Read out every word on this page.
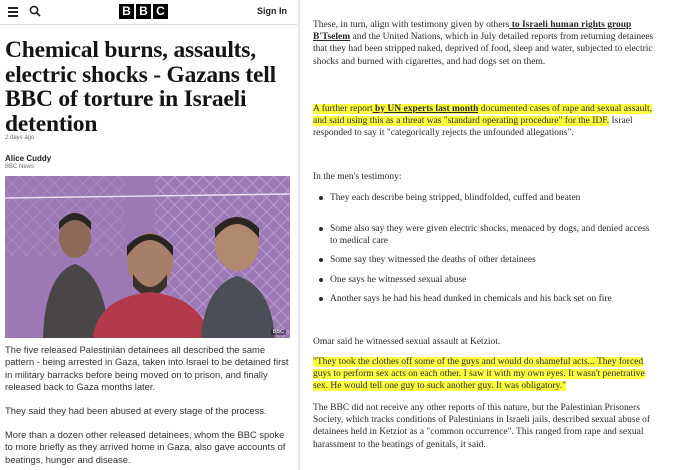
B B C	Sign In
Chemical burns, assaults, electric shocks - Gazans tell BBC of torture in Israeli detention
2 days ago
Alice Cuddy
BBC News
BBC

The five released Palestinian detainees all described the same pattern - being arrested in Gaza, taken into Israel to be detained first in military barracks before being moved on to prison, and finally released back to Gaza months later.

They said they had been abused at every stage of the process.

More than a dozen other released detainees, whom the BBC spoke to more briefly as they arrived home in Gaza, also gave accounts of beatings, hunger and disease.

These, in turn, align with testimony given by others to Israeli human rights group B'Tselem and the United Nations, which in July detailed reports from returning detainees that they had been stripped naked, deprived of food, sleep and water, subjected to electric shocks and burned with cigarettes, and had dogs set on them.

A further report by UN experts last month documented cases of rape and sexual assault, and said using this as a threat was "standard operating procedure" for the IDF. Israel responded to say it "categorically rejects the unfounded allegations".

In the men's testimony:

They each describe being stripped, blindfolded, cuffed and beaten
Some also say they were given electric shocks, menaced by dogs, and denied access to medical care
Some say they witnessed the deaths of other detainees
One says he witnessed sexual abuse
Another says he had his head dunked in chemicals and his back set on fire

Omar said he witnessed sexual assault at Ketziot.

"They took the clothes off some of the guys and would do shameful acts... They forced guys to perform sex acts on each other. I saw it with my own eyes. It wasn't penetrative sex. He would tell one guy to suck another guy. It was obligatory."

The BBC did not receive any other reports of this nature, but the Palestinian Prisoners Society, which tracks conditions of Palestinians in Israeli jails, described sexual abuse of detainees held in Ketziot as a "common occurrence". This ranged from rape and sexual harassment to the beatings of genitals, it said.
